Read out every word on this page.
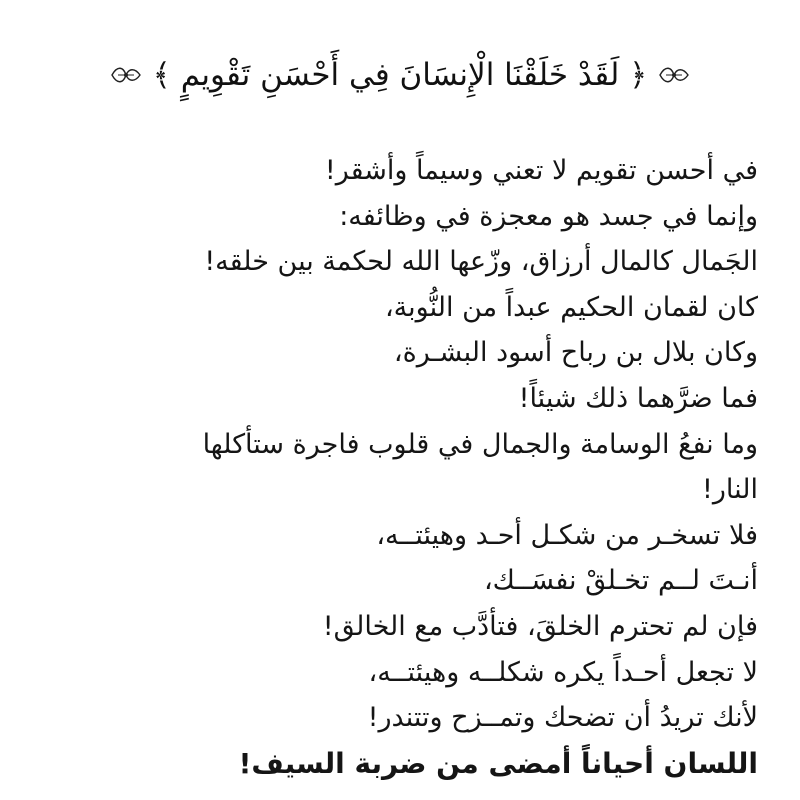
﴿ لَقَدْ خَلَقْنَا الْإِنسَانَ فِي أَحْسَنِ تَقْوِيمٍ ﴾
في أحسن تقويم لا تعني وسيماً وأشقر!
وإنما في جسد هو معجزة في وظائفه:
الجَمال كالمال أرزاق، وزّعها الله لحكمة بين خلقه!
كان لقمان الحكيم عبداً من النُّوبة،
وكان بلال بن رباح أسود البشـرة،
فما ضرَّهما ذلك شيئاً!
وما نفعُ الوسامة والجمال في قلوب فاجرة ستأكلها
النار!
فلا تسخـر من شكـل أحـد وهيئتــه،
أنـتَ لــم تخـلقْ نفسَــك،
فإن لم تحترم الخلقَ، فتأدَّب مع الخالق!
لا تجعل أحـداً يكره شكلــه وهيئتــه،
لأنك تريدُ أن تضحك وتمــزح وتتندر!
اللسان أحياناً أمضى من ضربة السيف!
